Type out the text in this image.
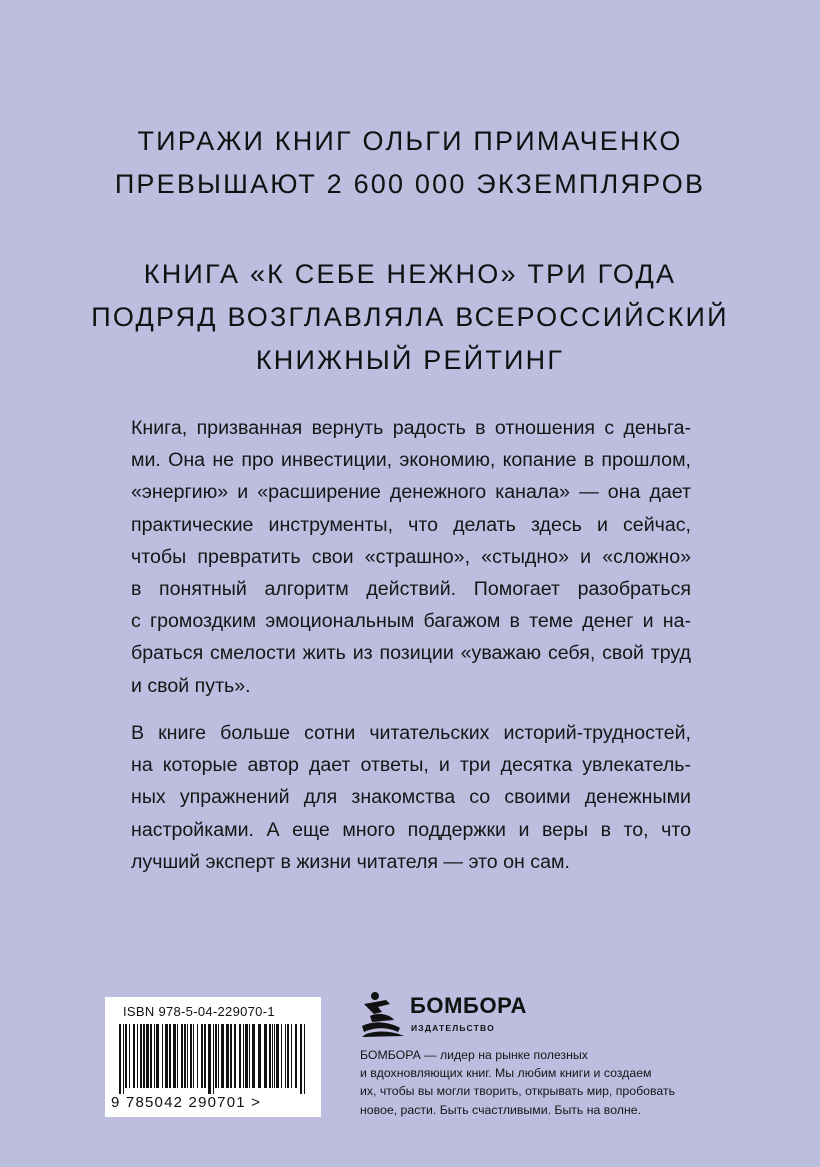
ТИРАЖИ КНИГ ОЛЬГИ ПРИМАЧЕНКО
ПРЕВЫШАЮТ 2 600 000 ЭКЗЕМПЛЯРОВ
КНИГА «К СЕБЕ НЕЖНО» ТРИ ГОДА
ПОДРЯД ВОЗГЛАВЛЯЛА ВСЕРОССИЙСКИЙ
КНИЖНЫЙ РЕЙТИНГ
Книга, призванная вернуть радость в отношения с деньга-
ми. Она не про инвестиции, экономию, копание в прошлом,
«энергию» и «расширение денежного канала» — она дает
практические инструменты, что делать здесь и сейчас,
чтобы превратить свои «страшно», «стыдно» и «сложно»
в понятный алгоритм действий. Помогает разобраться
с громоздким эмоциональным багажом в теме денег и на-
браться смелости жить из позиции «уважаю себя, свой труд
и свой путь».
В книге больше сотни читательских историй-трудностей,
на которые автор дает ответы, и три десятка увлекатель-
ных упражнений для знакомства со своими денежными
настройками. А еще много поддержки и веры в то, что
лучший эксперт в жизни читателя — это он сам.
ISBN 978-5-04-229070-1
9 785042 290701 >
БОМБОРА
ИЗДАТЕЛЬСТВО
БОМБОРА — лидер на рынке полезных
и вдохновляющих книг. Мы любим книги и создаем
их, чтобы вы могли творить, открывать мир, пробовать
новое, расти. Быть счастливыми. Быть на волне.
